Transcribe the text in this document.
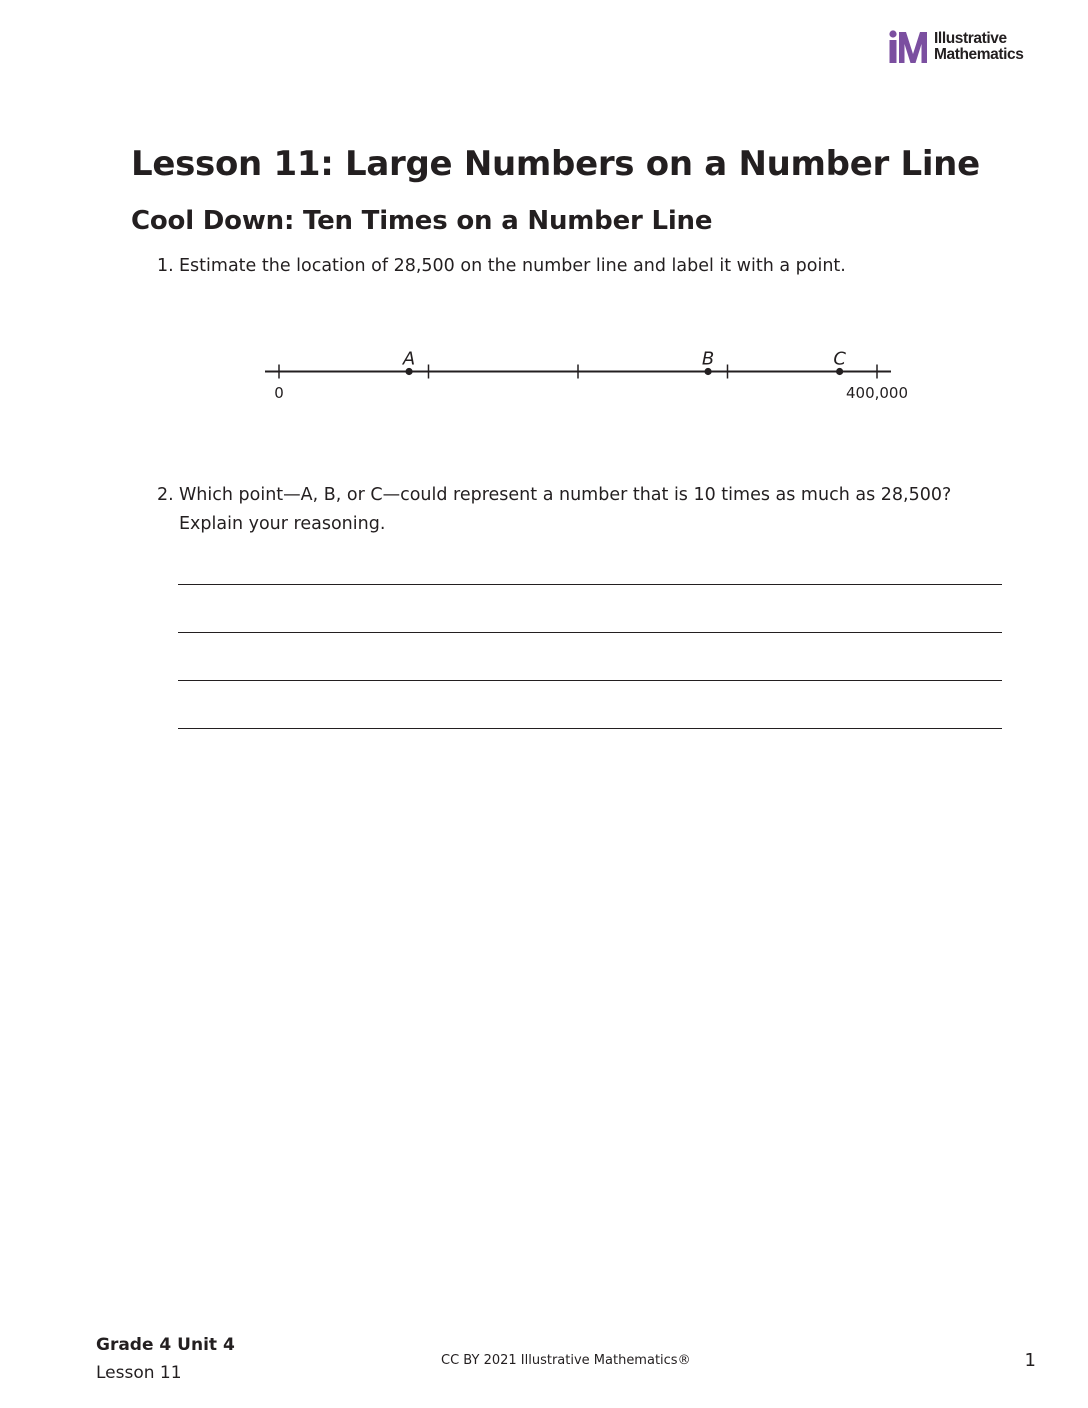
Illustrative
Mathematics
Lesson 11: Large Numbers on a Number Line
Cool Down: Ten Times on a Number Line
1. Estimate the location of 28,500 on the number line and label it with a point.
A	B	C
0	400,000
2. Which point—A, B, or C—could represent a number that is 10 times as much as 28,500?
Explain your reasoning.
Grade 4 Unit 4
Lesson 11
CC BY 2021 Illustrative Mathematics®	1
